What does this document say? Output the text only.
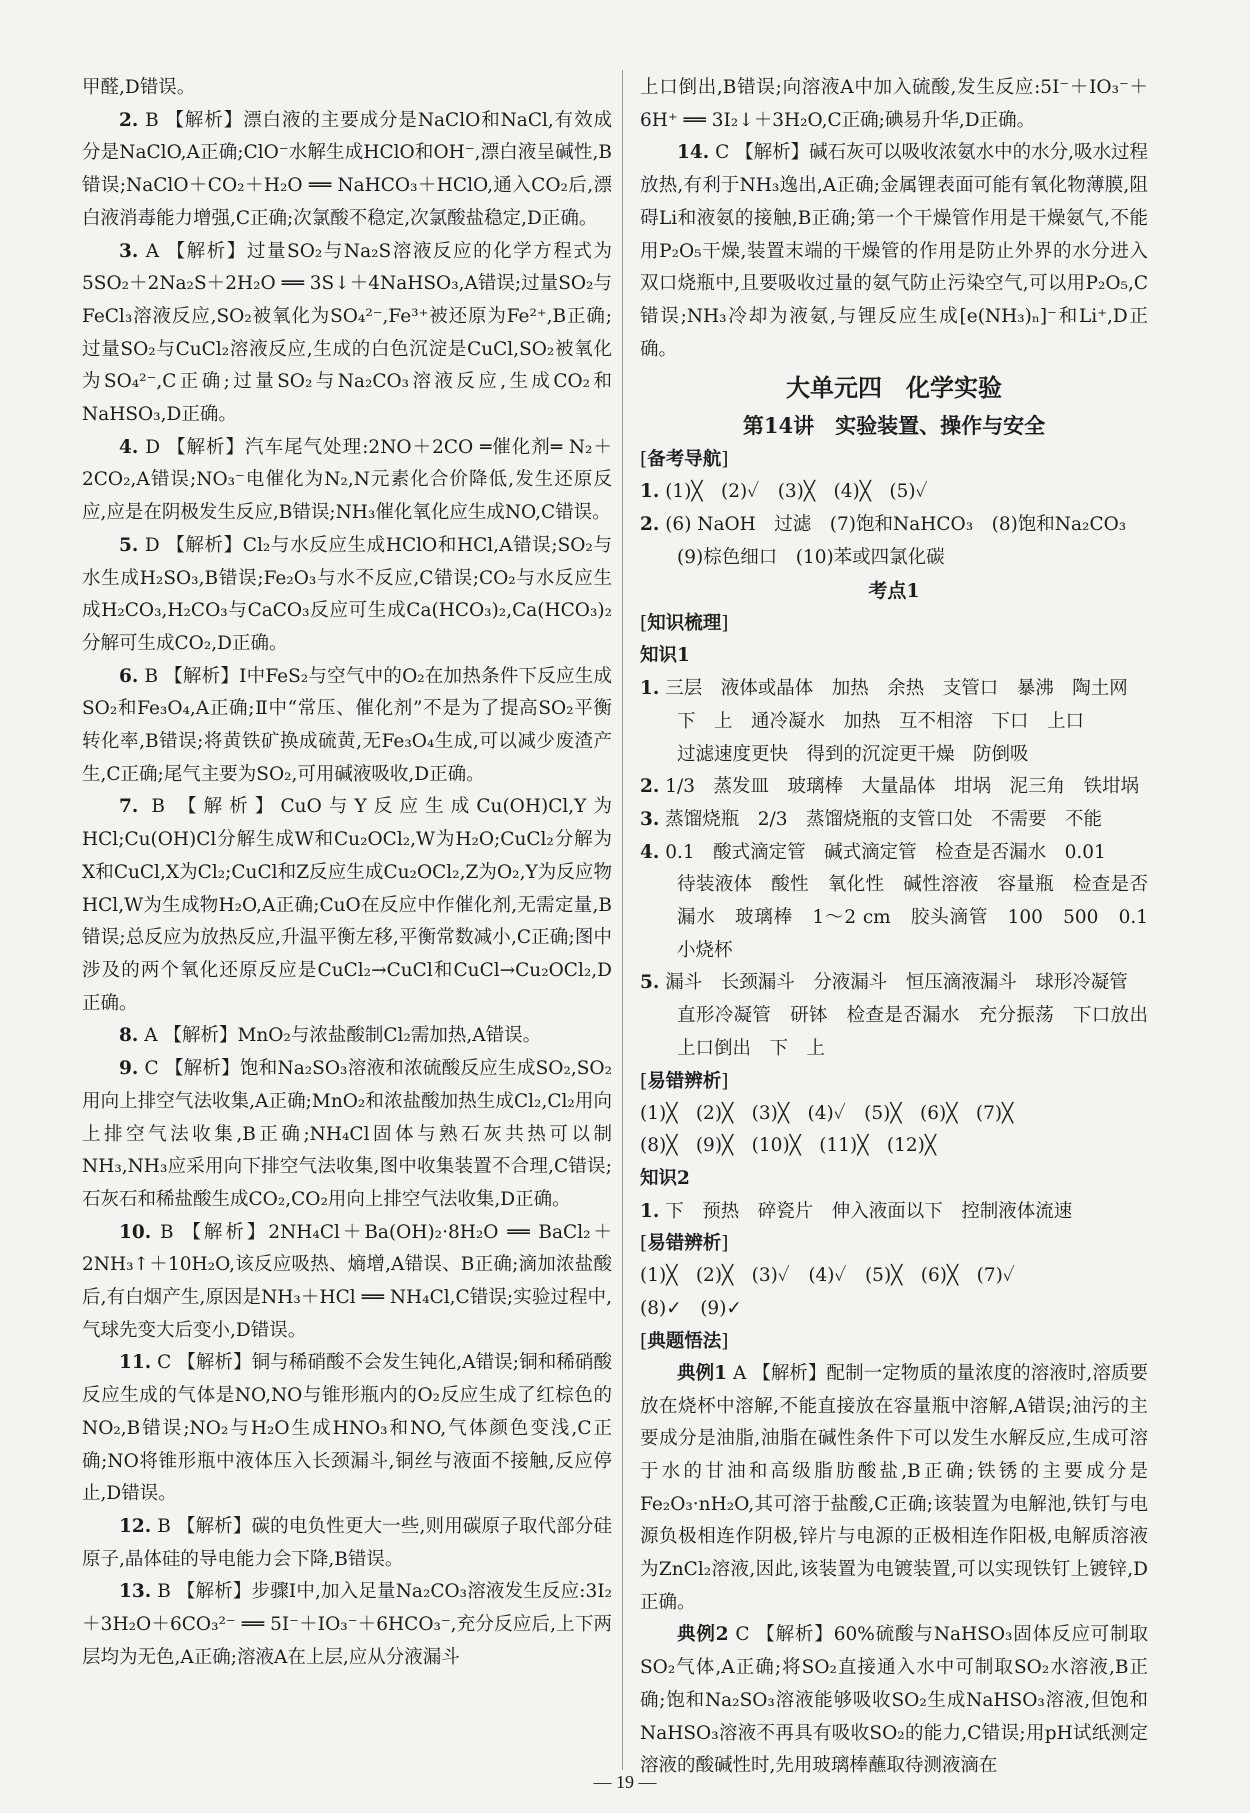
甲醛,D错误。

2. B 【解析】漂白液的主要成分是NaClO和NaCl,有效成分是NaClO,A正确;ClO⁻水解生成HClO和OH⁻,漂白液呈碱性,B错误;NaClO＋CO₂＋H₂O ══ NaHCO₃＋HClO,通入CO₂后,漂白液消毒能力增强,C正确;次氯酸不稳定,次氯酸盐稳定,D正确。

3. A 【解析】过量SO₂与Na₂S溶液反应的化学方程式为5SO₂＋2Na₂S＋2H₂O ══ 3S↓＋4NaHSO₃,A错误;过量SO₂与FeCl₃溶液反应,SO₂被氧化为SO₄²⁻,Fe³⁺被还原为Fe²⁺,B正确;过量SO₂与CuCl₂溶液反应,生成的白色沉淀是CuCl,SO₂被氧化为SO₄²⁻,C正确;过量SO₂与Na₂CO₃溶液反应,生成CO₂和NaHSO₃,D正确。

4. D 【解析】汽车尾气处理:2NO＋2CO ═催化剂═ N₂＋2CO₂,A错误;NO₃⁻电催化为N₂,N元素化合价降低,发生还原反应,应是在阴极发生反应,B错误;NH₃催化氧化应生成NO,C错误。

5. D 【解析】Cl₂与水反应生成HClO和HCl,A错误;SO₂与水生成H₂SO₃,B错误;Fe₂O₃与水不反应,C错误;CO₂与水反应生成H₂CO₃,H₂CO₃与CaCO₃反应可生成Ca(HCO₃)₂,Ca(HCO₃)₂分解可生成CO₂,D正确。

6. B 【解析】Ⅰ中FeS₂与空气中的O₂在加热条件下反应生成SO₂和Fe₃O₄,A正确;Ⅱ中“常压、催化剂”不是为了提高SO₂平衡转化率,B错误;将黄铁矿换成硫黄,无Fe₃O₄生成,可以减少废渣产生,C正确;尾气主要为SO₂,可用碱液吸收,D正确。

7. B 【解析】CuO与Y反应生成Cu(OH)Cl,Y为HCl;Cu(OH)Cl分解生成W和Cu₂OCl₂,W为H₂O;CuCl₂分解为X和CuCl,X为Cl₂;CuCl和Z反应生成Cu₂OCl₂,Z为O₂,Y为反应物HCl,W为生成物H₂O,A正确;CuO在反应中作催化剂,无需定量,B错误;总反应为放热反应,升温平衡左移,平衡常数减小,C正确;图中涉及的两个氧化还原反应是CuCl₂→CuCl和CuCl→Cu₂OCl₂,D正确。

8. A 【解析】MnO₂与浓盐酸制Cl₂需加热,A错误。

9. C 【解析】饱和Na₂SO₃溶液和浓硫酸反应生成SO₂,SO₂用向上排空气法收集,A正确;MnO₂和浓盐酸加热生成Cl₂,Cl₂用向上排空气法收集,B正确;NH₄Cl固体与熟石灰共热可以制NH₃,NH₃应采用向下排空气法收集,图中收集装置不合理,C错误;石灰石和稀盐酸生成CO₂,CO₂用向上排空气法收集,D正确。

10. B 【解析】2NH₄Cl＋Ba(OH)₂·8H₂O ══ BaCl₂＋2NH₃↑＋10H₂O,该反应吸热、熵增,A错误、B正确;滴加浓盐酸后,有白烟产生,原因是NH₃＋HCl ══ NH₄Cl,C错误;实验过程中,气球先变大后变小,D错误。

11. C 【解析】铜与稀硝酸不会发生钝化,A错误;铜和稀硝酸反应生成的气体是NO,NO与锥形瓶内的O₂反应生成了红棕色的NO₂,B错误;NO₂与H₂O生成HNO₃和NO,气体颜色变浅,C正确;NO将锥形瓶中液体压入长颈漏斗,铜丝与液面不接触,反应停止,D错误。

12. B 【解析】碳的电负性更大一些,则用碳原子取代部分硅原子,晶体硅的导电能力会下降,B错误。

13. B 【解析】步骤Ⅰ中,加入足量Na₂CO₃溶液发生反应:3I₂＋3H₂O＋6CO₃²⁻ ══ 5I⁻＋IO₃⁻＋6HCO₃⁻,充分反应后,上下两层均为无色,A正确;溶液A在上层,应从分液漏斗

上口倒出,B错误;向溶液A中加入硫酸,发生反应:5I⁻＋IO₃⁻＋6H⁺ ══ 3I₂↓＋3H₂O,C正确;碘易升华,D正确。

14. C 【解析】碱石灰可以吸收浓氨水中的水分,吸水过程放热,有利于NH₃逸出,A正确;金属锂表面可能有氧化物薄膜,阻碍Li和液氨的接触,B正确;第一个干燥管作用是干燥氨气,不能用P₂O₅干燥,装置末端的干燥管的作用是防止外界的水分进入双口烧瓶中,且要吸收过量的氨气防止污染空气,可以用P₂O₅,C错误;NH₃冷却为液氨,与锂反应生成[e(NH₃)ₙ]⁻和Li⁺,D正确。

大单元四　化学实验
第14讲　实验装置、操作与安全
[ 备考导航 ]

1. (1)╳　(2)✓　(3)╳　(4)╳　(5)✓

2. (6) NaOH　过滤　(7)饱和NaHCO₃　(8)饱和Na₂CO₃

(9)棕色细口　(10)苯或四氯化碳

考点1
[ 知识梳理 ]
知识1

1. 三层　液体或晶体　加热　余热　支管口　暴沸　陶土网

下　上　通冷凝水　加热　互不相溶　下口　上口

过滤速度更快　得到的沉淀更干燥　防倒吸

2. 1/3　蒸发皿　玻璃棒　大量晶体　坩埚　泥三角　铁坩埚

3. 蒸馏烧瓶　2/3　蒸馏烧瓶的支管口处　不需要　不能

4. 0.1　酸式滴定管　碱式滴定管　检查是否漏水　0.01

待装液体　酸性　氧化性　碱性溶液　容量瓶　检查是否漏水　玻璃棒　1～2 cm　胶头滴管　100　500　0.1　小烧杯

5. 漏斗　长颈漏斗　分液漏斗　恒压滴液漏斗　球形冷凝管

直形冷凝管　研钵　检查是否漏水　充分振荡　下口放出　上口倒出　下　上

[ 易错辨析 ]

(1)╳　(2)╳　(3)╳　(4)✓　(5)╳　(6)╳　(7)╳

(8)╳　(9)╳　(10)╳　(11)╳　(12)╳

知识2

1. 下　预热　碎瓷片　伸入液面以下　控制液体流速

[ 易错辨析 ]

(1)╳　(2)╳　(3)✓　(4)✓　(5)╳　(6)╳　(7)✓

(8)✓　(9)✓

[ 典题悟法 ]

典例1 A 【解析】配制一定物质的量浓度的溶液时,溶质要放在烧杯中溶解,不能直接放在容量瓶中溶解,A错误;油污的主要成分是油脂,油脂在碱性条件下可以发生水解反应,生成可溶于水的甘油和高级脂肪酸盐,B正确;铁锈的主要成分是Fe₂O₃·nH₂O,其可溶于盐酸,C正确;该装置为电解池,铁钉与电源负极相连作阴极,锌片与电源的正极相连作阳极,电解质溶液为ZnCl₂溶液,因此,该装置为电镀装置,可以实现铁钉上镀锌,D正确。

典例2 C 【解析】60%硫酸与NaHSO₃固体反应可制取SO₂气体,A正确;将SO₂直接通入水中可制取SO₂水溶液,B正确;饱和Na₂SO₃溶液能够吸收SO₂生成NaHSO₃溶液,但饱和NaHSO₃溶液不再具有吸收SO₂的能力,C错误;用pH试纸测定溶液的酸碱性时,先用玻璃棒蘸取待测液滴在

— 19 —
